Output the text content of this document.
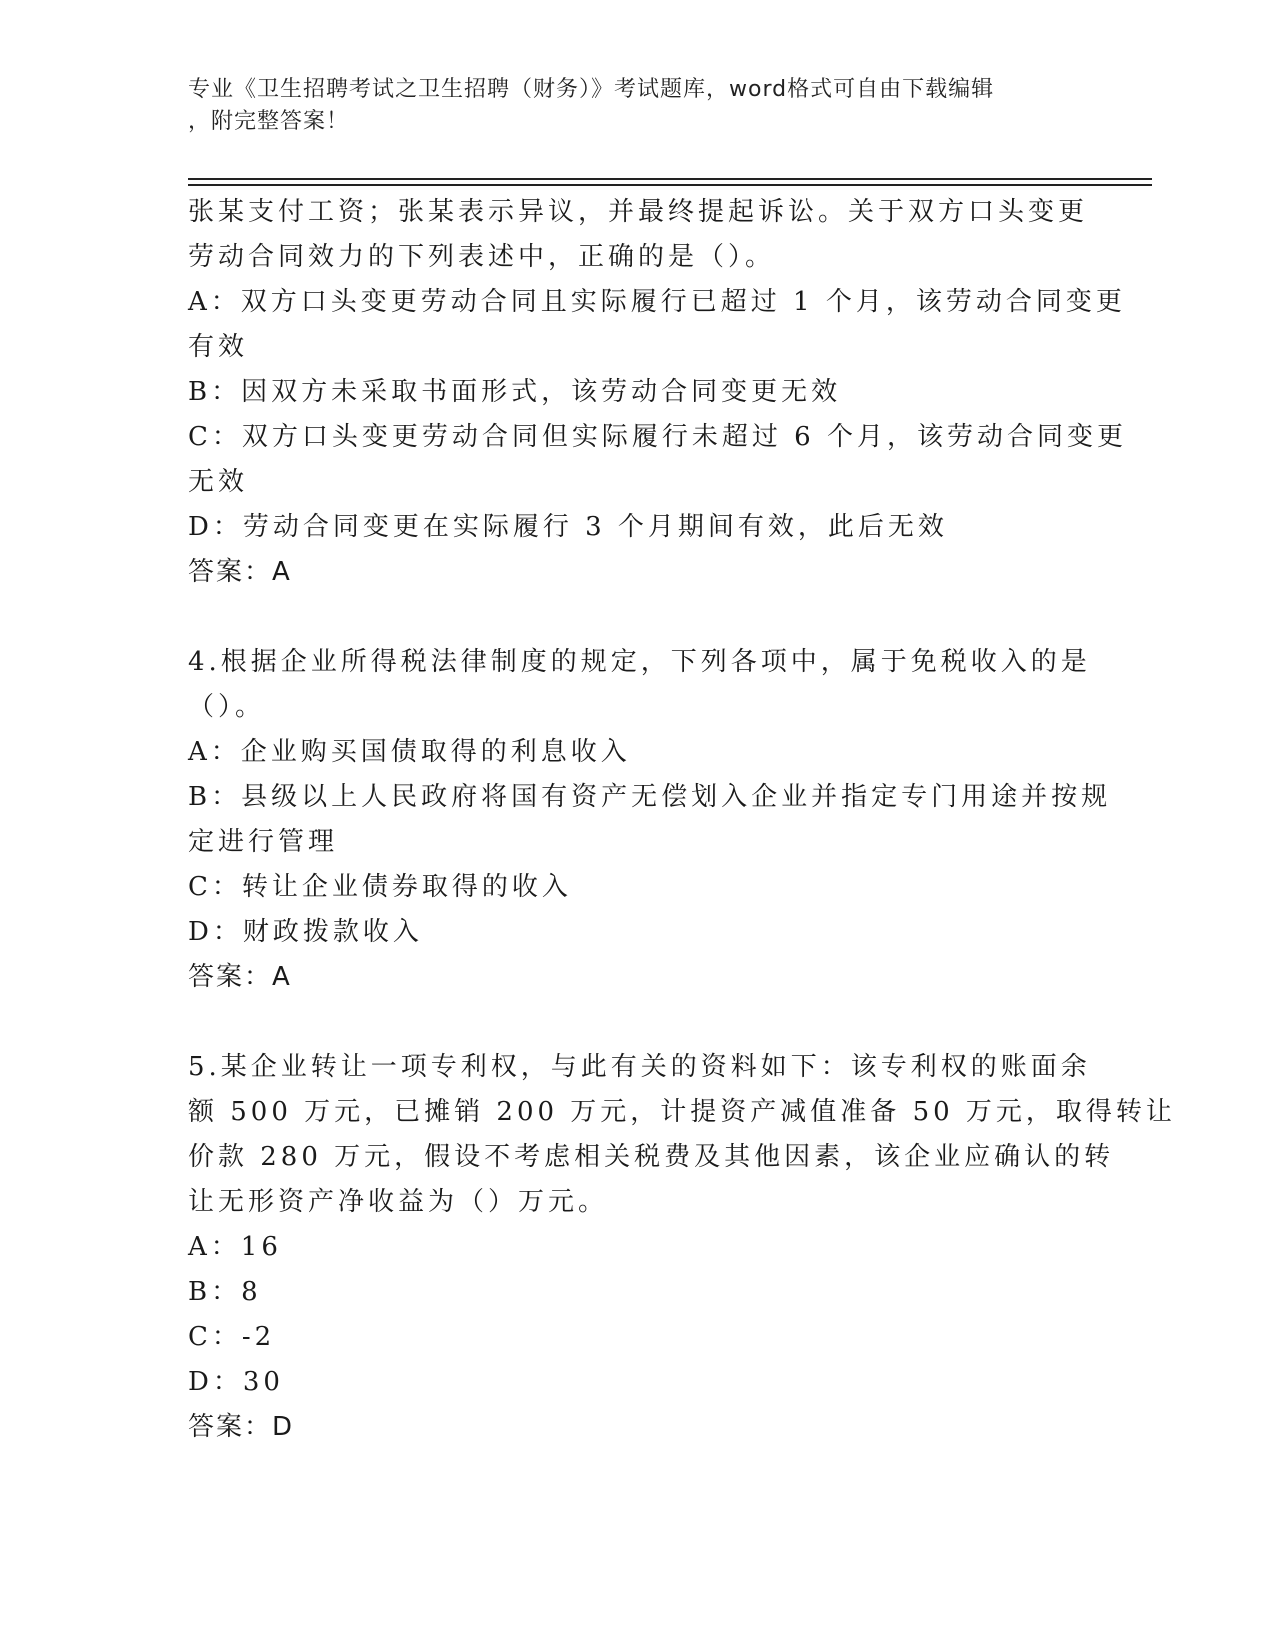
专业《卫生招聘考试之卫生招聘（财务）》考试题库，word格式可自由下载编辑
，附完整答案！

张某支付工资；张某表示异议，并最终提起诉讼。关于双方口头变更

劳动合同效力的下列表述中，正确的是（）。

A：双方口头变更劳动合同且实际履行已超过 1 个月，该劳动合同变更

有效

B：因双方未采取书面形式，该劳动合同变更无效

C：双方口头变更劳动合同但实际履行未超过 6 个月，该劳动合同变更

无效

D：劳动合同变更在实际履行 3 个月期间有效，此后无效

答案：A

4.根据企业所得税法律制度的规定，下列各项中，属于免税收入的是

（）。

A：企业购买国债取得的利息收入

B：县级以上人民政府将国有资产无偿划入企业并指定专门用途并按规

定进行管理

C：转让企业债券取得的收入

D：财政拨款收入

答案：A

5.某企业转让一项专利权，与此有关的资料如下：该专利权的账面余

额 500 万元，已摊销 200 万元，计提资产减值准备 50 万元，取得转让

价款 280 万元，假设不考虑相关税费及其他因素，该企业应确认的转

让无形资产净收益为（）万元。

A：16

B：8

C：-2

D：30

答案：D
